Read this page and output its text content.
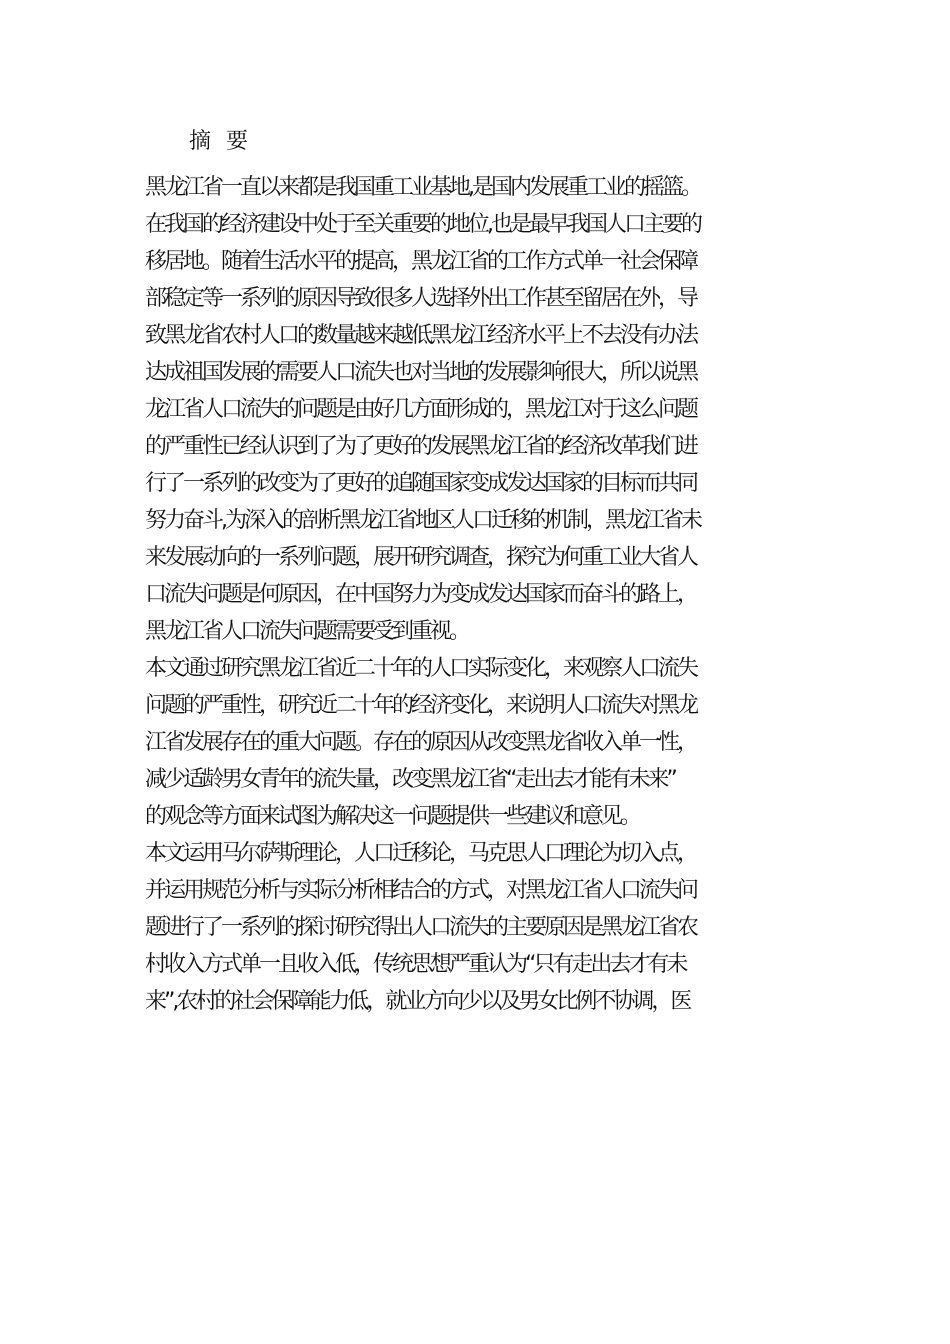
摘 要

黑龙江省一直以来都是我国重工业基地,是国内发展重工业的摇篮。

在我国的经济建设中处于至关重要的地位,也是最早我国人口主要的

移居地。随着生活水平的提高，黑龙江省的工作方式单一社会保障

部稳定等一系列的原因导致很多人选择外出工作甚至留居在外，导

致黑龙省农村人口的数量越来越低黑龙江经济水平上不去没有办法

达成祖国发展的需要人口流失也对当地的发展影响很大，所以说黑

龙江省人口流失的问题是由好几方面形成的，黑龙江对于这么问题

的严重性已经认识到了为了更好的发展黑龙江省的经济改革我们进

行了一系列的改变为了更好的追随国家变成发达国家的目标而共同

努力奋斗,为深入的剖析黑龙江省地区人口迁移的机制，黑龙江省未

来发展动向的一系列问题，展开研究调查，探究为何重工业大省人

口流失问题是何原因，在中国努力为变成发达国家而奋斗的路上，

黑龙江省人口流失问题需要受到重视。

本文通过研究黑龙江省近二十年的人口实际变化，来观察人口流失

问题的严重性，研究近二十年的经济变化，来说明人口流失对黑龙

江省发展存在的重大问题。存在的原因从改变黑龙省收入单一性，

减少适龄男女青年的流失量，改变黑龙江省“走出去才能有未来”

的观念等方面来试图为解决这一问题提供一些建议和意见。

本文运用马尔萨斯理论，人口迁移论，马克思人口理论为切入点，

并运用规范分析与实际分析相结合的方式，对黑龙江省人口流失问

题进行了一系列的探讨研究得出人口流失的主要原因是黑龙江省农

村收入方式单一且收入低，传统思想严重认为“只有走出去才有未

来”,农村的社会保障能力低，就业方向少以及男女比例不协调，医
